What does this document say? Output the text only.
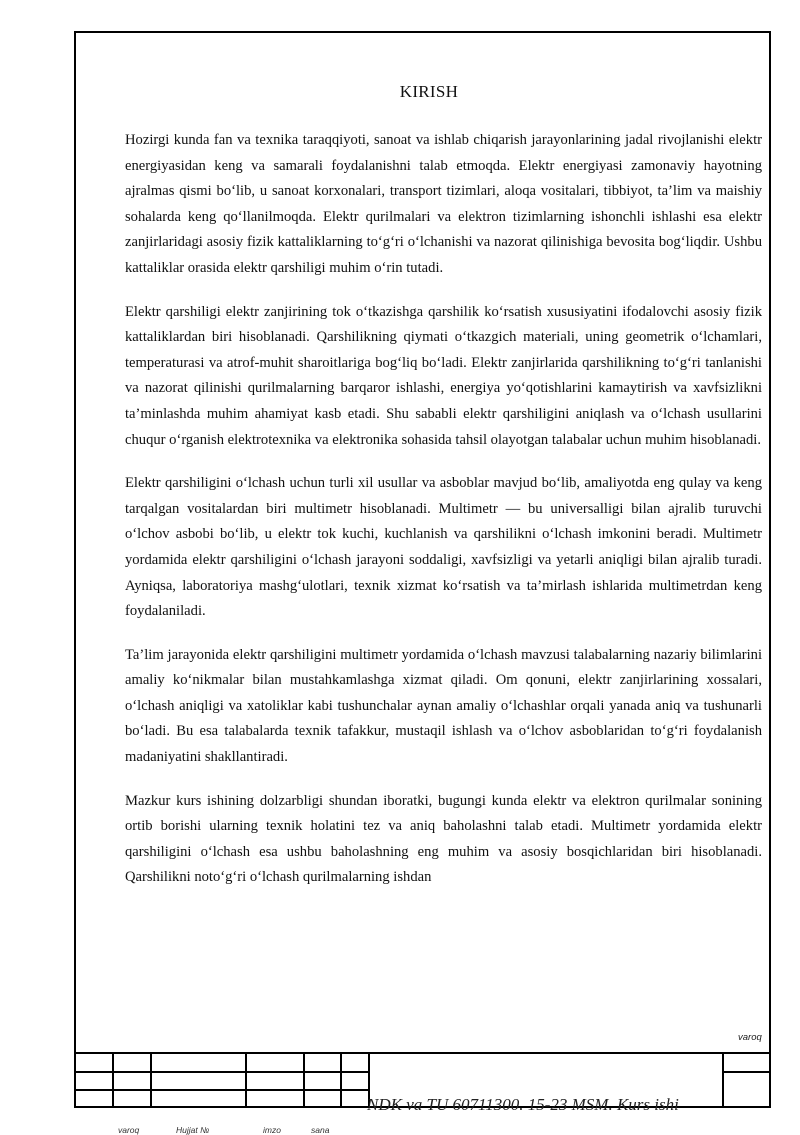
KIRISH

Hozirgi kunda fan va texnika taraqqiyoti, sanoat va ishlab chiqarish jarayonlarining jadal rivojlanishi elektr energiyasidan keng va samarali foydalanishni talab etmoqda. Elektr energiyasi zamonaviy hayotning ajralmas qismi bo‘lib, u sanoat korxonalari, transport tizimlari, aloqa vositalari, tibbiyot, ta’lim va maishiy sohalarda keng qo‘llanilmoqda. Elektr qurilmalari va elektron tizimlarning ishonchli ishlashi esa elektr zanjirlaridagi asosiy fizik kattaliklarning to‘g‘ri o‘lchanishi va nazorat qilinishiga bevosita bog‘liqdir. Ushbu kattaliklar orasida elektr qarshiligi muhim o‘rin tutadi.

Elektr qarshiligi elektr zanjirining tok o‘tkazishga qarshilik ko‘rsatish xususiyatini ifodalovchi asosiy fizik kattaliklardan biri hisoblanadi. Qarshilikning qiymati o‘tkazgich materiali, uning geometrik o‘lchamlari, temperaturasi va atrof-muhit sharoitlariga bog‘liq bo‘ladi. Elektr zanjirlarida qarshilikning to‘g‘ri tanlanishi va nazorat qilinishi qurilmalarning barqaror ishlashi, energiya yo‘qotishlarini kamaytirish va xavfsizlikni ta’minlashda muhim ahamiyat kasb etadi. Shu sababli elektr qarshiligini aniqlash va o‘lchash usullarini chuqur o‘rganish elektrotexnika va elektronika sohasida tahsil olayotgan talabalar uchun muhim hisoblanadi.

Elektr qarshiligini o‘lchash uchun turli xil usullar va asboblar mavjud bo‘lib, amaliyotda eng qulay va keng tarqalgan vositalardan biri multimetr hisoblanadi. Multimetr — bu universalligi bilan ajralib turuvchi o‘lchov asbobi bo‘lib, u elektr tok kuchi, kuchlanish va qarshilikni o‘lchash imkonini beradi. Multimetr yordamida elektr qarshiligini o‘lchash jarayoni soddaligi, xavfsizligi va yetarli aniqligi bilan ajralib turadi. Ayniqsa, laboratoriya mashg‘ulotlari, texnik xizmat ko‘rsatish va ta’mirlash ishlarida multimetrdan keng foydalaniladi.

Ta’lim jarayonida elektr qarshiligini multimetr yordamida o‘lchash mavzusi talabalarning nazariy bilimlarini amaliy ko‘nikmalar bilan mustahkamlashga xizmat qiladi. Om qonuni, elektr zanjirlarining xossalari, o‘lchash aniqligi va xatoliklar kabi tushunchalar aynan amaliy o‘lchashlar orqali yanada aniq va tushunarli bo‘ladi. Bu esa talabalarda texnik tafakkur, mustaqil ishlash va o‘lchov asboblaridan to‘g‘ri foydalanish madaniyatini shakllantiradi.

Mazkur kurs ishining dolzarbligi shundan iboratki, bugungi kunda elektr va elektron qurilmalar sonining ortib borishi ularning texnik holatini tez va aniq baholashni talab etadi. Multimetr yordamida elektr qarshiligini o‘lchash esa ushbu baholashning eng muhim va asosiy bosqichlaridan biri hisoblanadi. Qarshilikni noto‘g‘ri o‘lchash qurilmalarning ishdan

varoq
NDK va TU 60711300. 15-23 MSM. Kurs ishi
varoq	Hujjat №	imzo	sana
